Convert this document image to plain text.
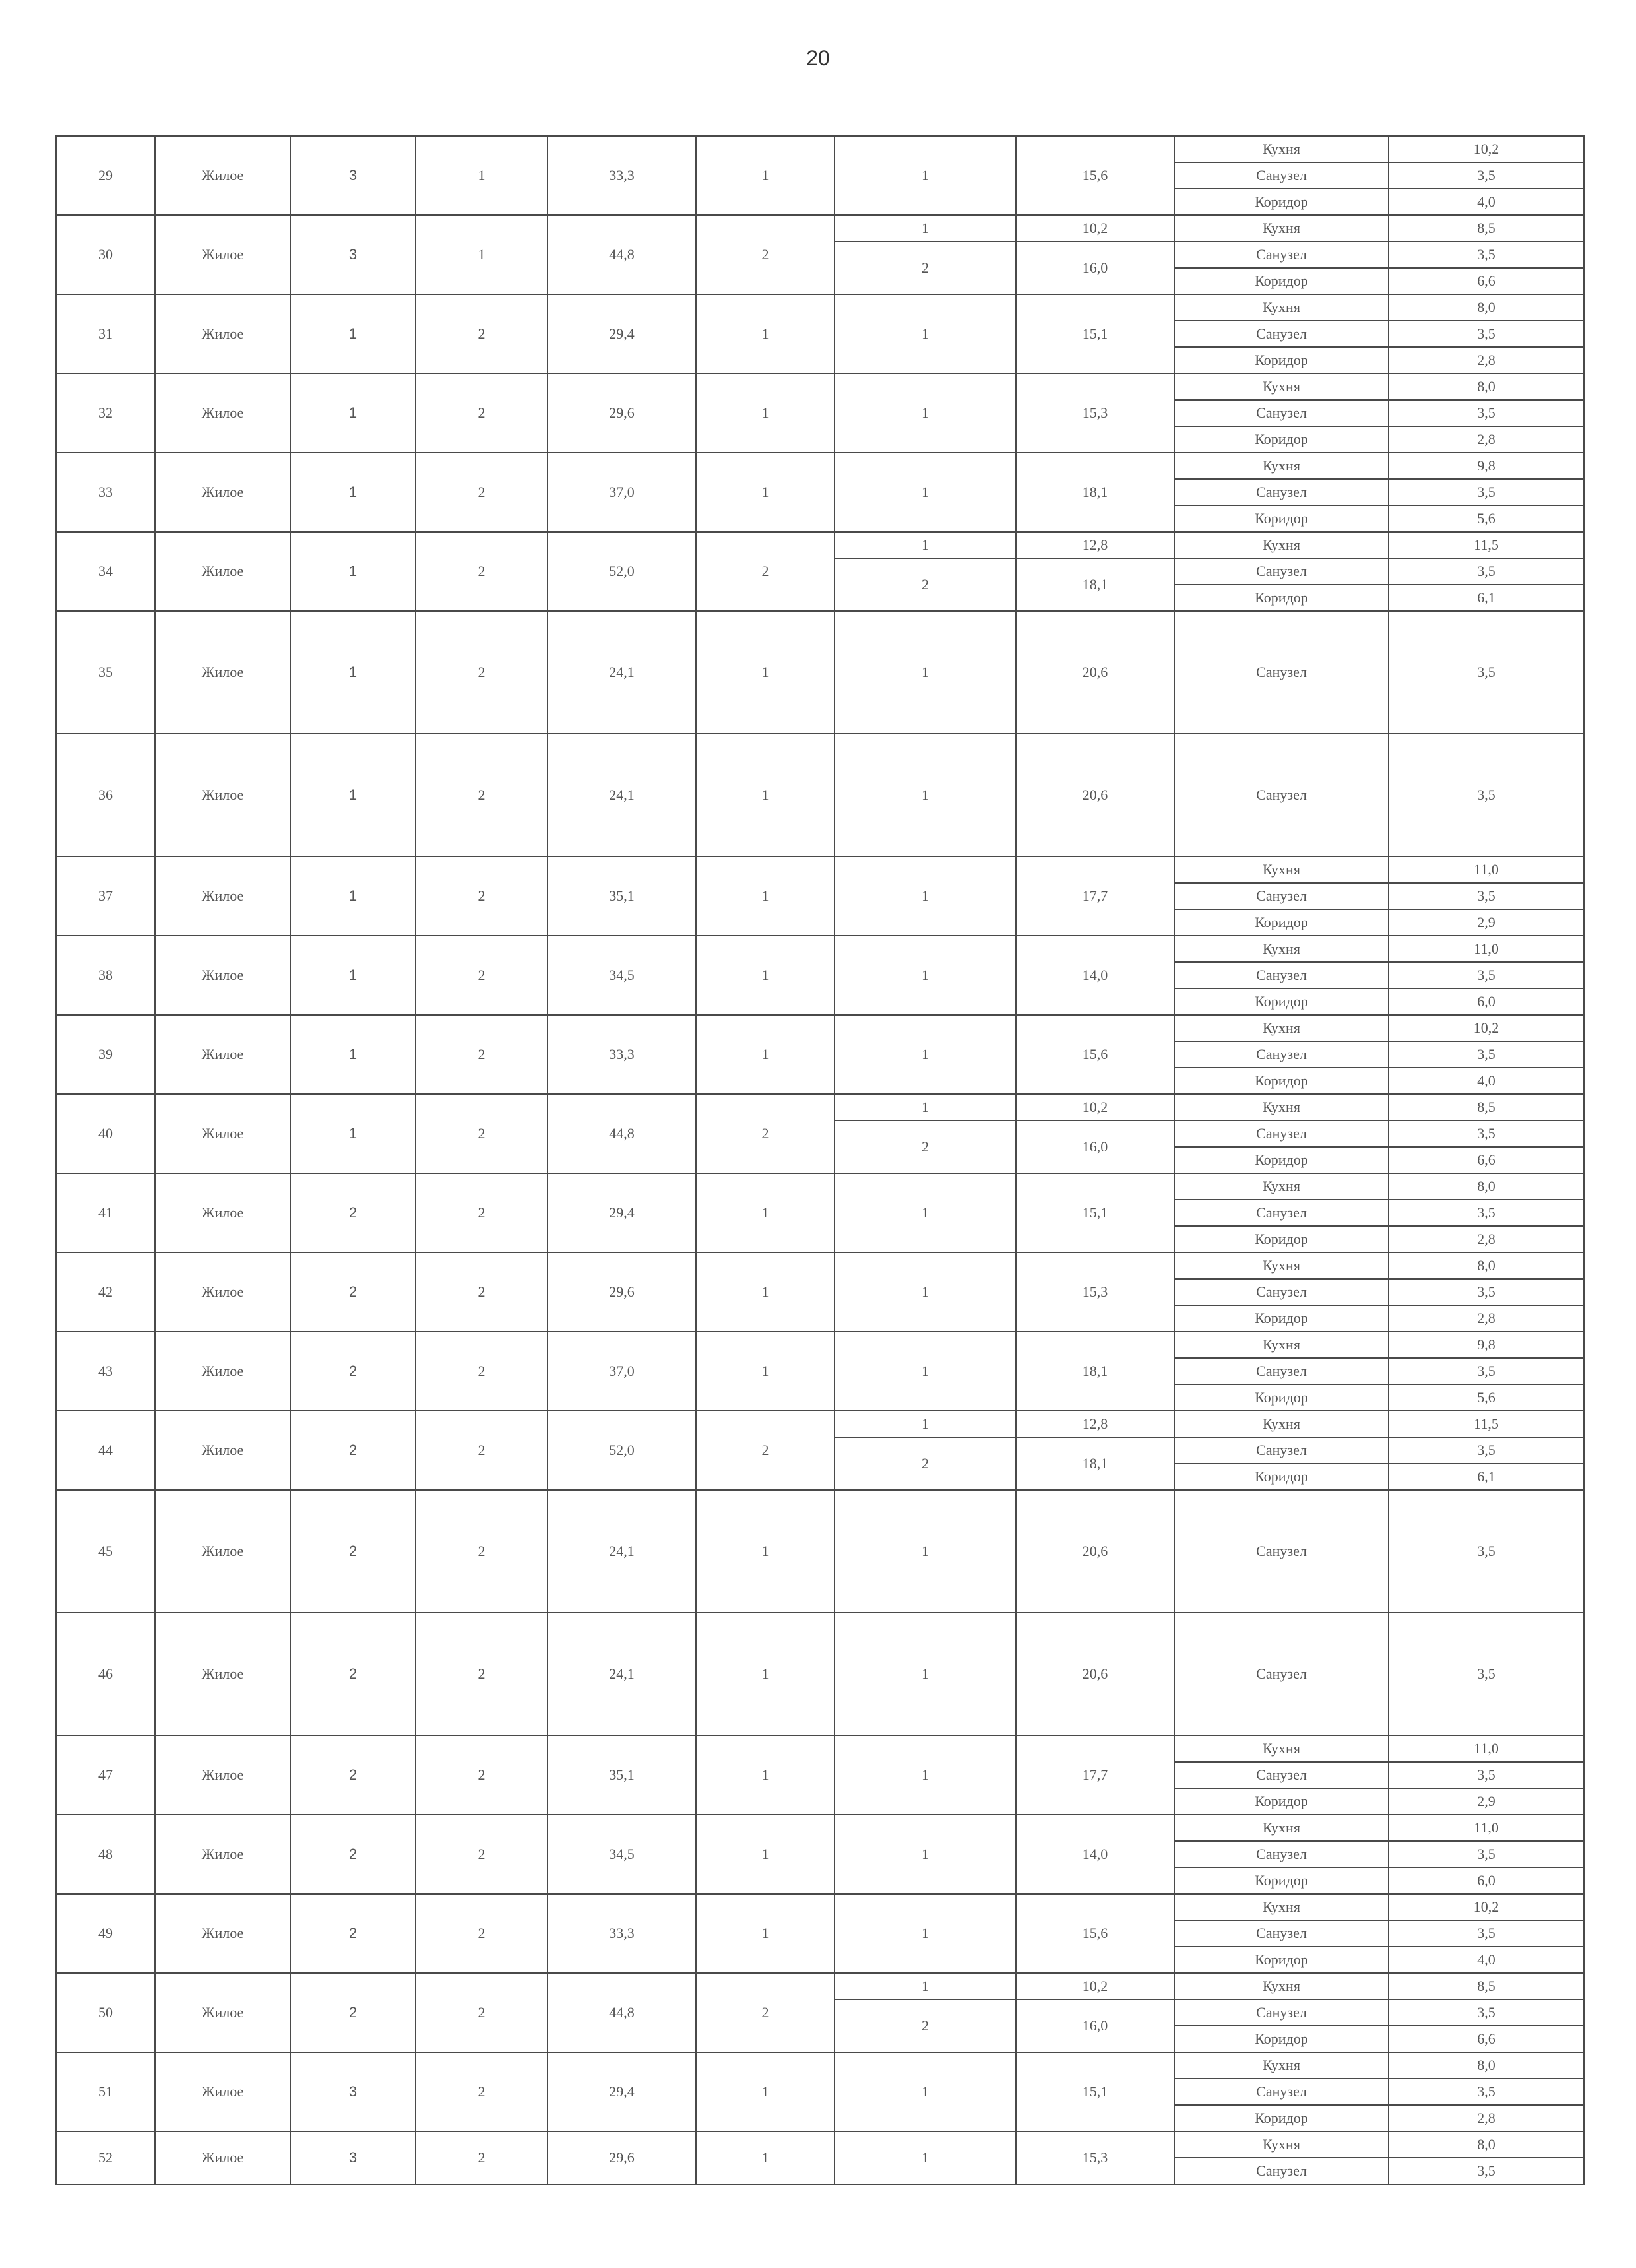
20
29	Жилое	3	1	33,3	1	1	15,6	Кухня	10,2
								Санузел	3,5
								Коридор	4,0
30	Жилое	3	1	44,8	2	1	10,2	Кухня	8,5
						2	16,0	Санузел	3,5
								Коридор	6,6
31	Жилое	1	2	29,4	1	1	15,1	Кухня	8,0
								Санузел	3,5
								Коридор	2,8
32	Жилое	1	2	29,6	1	1	15,3	Кухня	8,0
								Санузел	3,5
								Коридор	2,8
33	Жилое	1	2	37,0	1	1	18,1	Кухня	9,8
								Санузел	3,5
								Коридор	5,6
34	Жилое	1	2	52,0	2	1	12,8	Кухня	11,5
						2	18,1	Санузел	3,5
								Коридор	6,1
35	Жилое	1	2	24,1	1	1	20,6	Санузел	3,5

36	Жилое	1	2	24,1	1	1	20,6	Санузел	3,5

37	Жилое	1	2	35,1	1	1	17,7	Кухня	11,0
								Санузел	3,5
								Коридор	2,9
38	Жилое	1	2	34,5	1	1	14,0	Кухня	11,0
								Санузел	3,5
								Коридор	6,0
39	Жилое	1	2	33,3	1	1	15,6	Кухня	10,2
								Санузел	3,5
								Коридор	4,0
40	Жилое	1	2	44,8	2	1	10,2	Кухня	8,5
						2	16,0	Санузел	3,5
								Коридор	6,6
41	Жилое	2	2	29,4	1	1	15,1	Кухня	8,0
								Санузел	3,5
								Коридор	2,8
42	Жилое	2	2	29,6	1	1	15,3	Кухня	8,0
								Санузел	3,5
								Коридор	2,8
43	Жилое	2	2	37,0	1	1	18,1	Кухня	9,8
								Санузел	3,5
								Коридор	5,6
44	Жилое	2	2	52,0	2	1	12,8	Кухня	11,5
						2	18,1	Санузел	3,5
								Коридор	6,1
45	Жилое	2	2	24,1	1	1	20,6	Санузел	3,5

46	Жилое	2	2	24,1	1	1	20,6	Санузел	3,5

47	Жилое	2	2	35,1	1	1	17,7	Кухня	11,0
								Санузел	3,5
								Коридор	2,9
48	Жилое	2	2	34,5	1	1	14,0	Кухня	11,0
								Санузел	3,5
								Коридор	6,0
49	Жилое	2	2	33,3	1	1	15,6	Кухня	10,2
								Санузел	3,5
								Коридор	4,0
50	Жилое	2	2	44,8	2	1	10,2	Кухня	8,5
						2	16,0	Санузел	3,5
								Коридор	6,6
51	Жилое	3	2	29,4	1	1	15,1	Кухня	8,0
								Санузел	3,5
								Коридор	2,8
52	Жилое	3	2	29,6	1	1	15,3	Кухня	8,0
								Санузел	3,5
